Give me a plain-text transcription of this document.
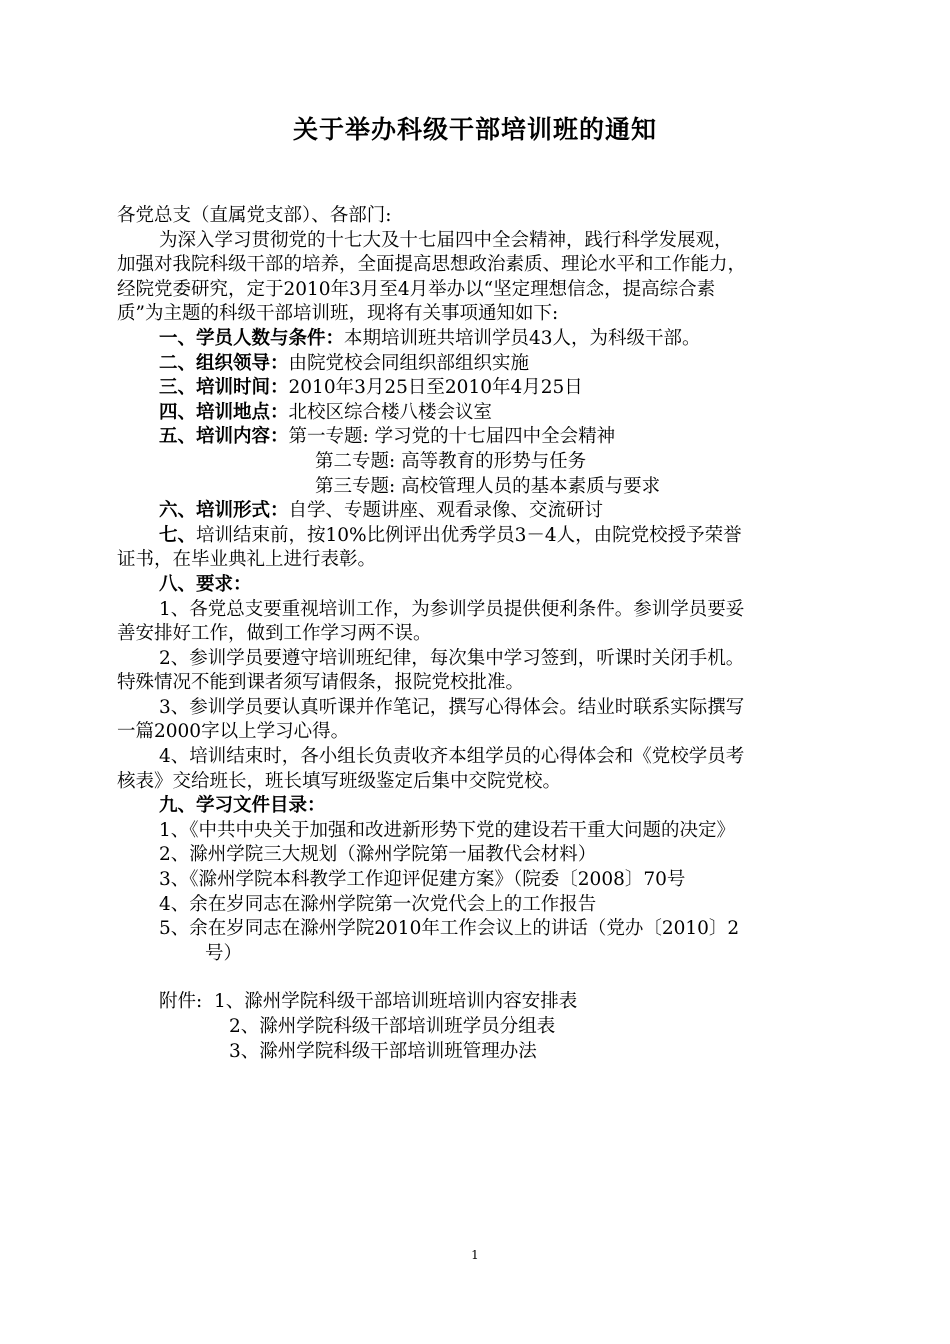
关于举办科级干部培训班的通知
各党总支（直属党支部）、各部门:
为深入学习贯彻党的十七大及十七届四中全会精神，践行科学发展观，
加强对我院科级干部的培养，全面提高思想政治素质、理论水平和工作能力，
经院党委研究，定于2010年3月至4月举办以“坚定理想信念，提高综合素
质”为主题的科级干部培训班，现将有关事项通知如下:
一、学员人数与条件：本期培训班共培训学员43人，为科级干部。
二、组织领导：由院党校会同组织部组织实施
三、培训时间：2010年3月25日至2010年4月25日
四、培训地点：北校区综合楼八楼会议室
五、培训内容：第一专题: 学习党的十七届四中全会精神
第二专题: 高等教育的形势与任务
第三专题: 高校管理人员的基本素质与要求
六、培训形式：自学、专题讲座、观看录像、交流研讨
七、培训结束前，按10%比例评出优秀学员3－4人，由院党校授予荣誉
证书，在毕业典礼上进行表彰。
八、要求：
1、各党总支要重视培训工作，为参训学员提供便利条件。参训学员要妥
善安排好工作，做到工作学习两不误。
2、参训学员要遵守培训班纪律，每次集中学习签到，听课时关闭手机。
特殊情况不能到课者须写请假条，报院党校批准。
3、参训学员要认真听课并作笔记，撰写心得体会。结业时联系实际撰写
一篇2000字以上学习心得。
4、培训结束时，各小组长负责收齐本组学员的心得体会和《党校学员考
核表》交给班长，班长填写班级鉴定后集中交院党校。
九、学习文件目录：
1、《中共中央关于加强和改进新形势下党的建设若干重大问题的决定》
2、滁州学院三大规划（滁州学院第一届教代会材料）
3、《滁州学院本科教学工作迎评促建方案》（院委〔2008〕70号
4、余在岁同志在滁州学院第一次党代会上的工作报告
5、余在岁同志在滁州学院2010年工作会议上的讲话（党办〔2010〕2
号）
附件: 1、滁州学院科级干部培训班培训内容安排表
2、滁州学院科级干部培训班学员分组表
3、滁州学院科级干部培训班管理办法
1
